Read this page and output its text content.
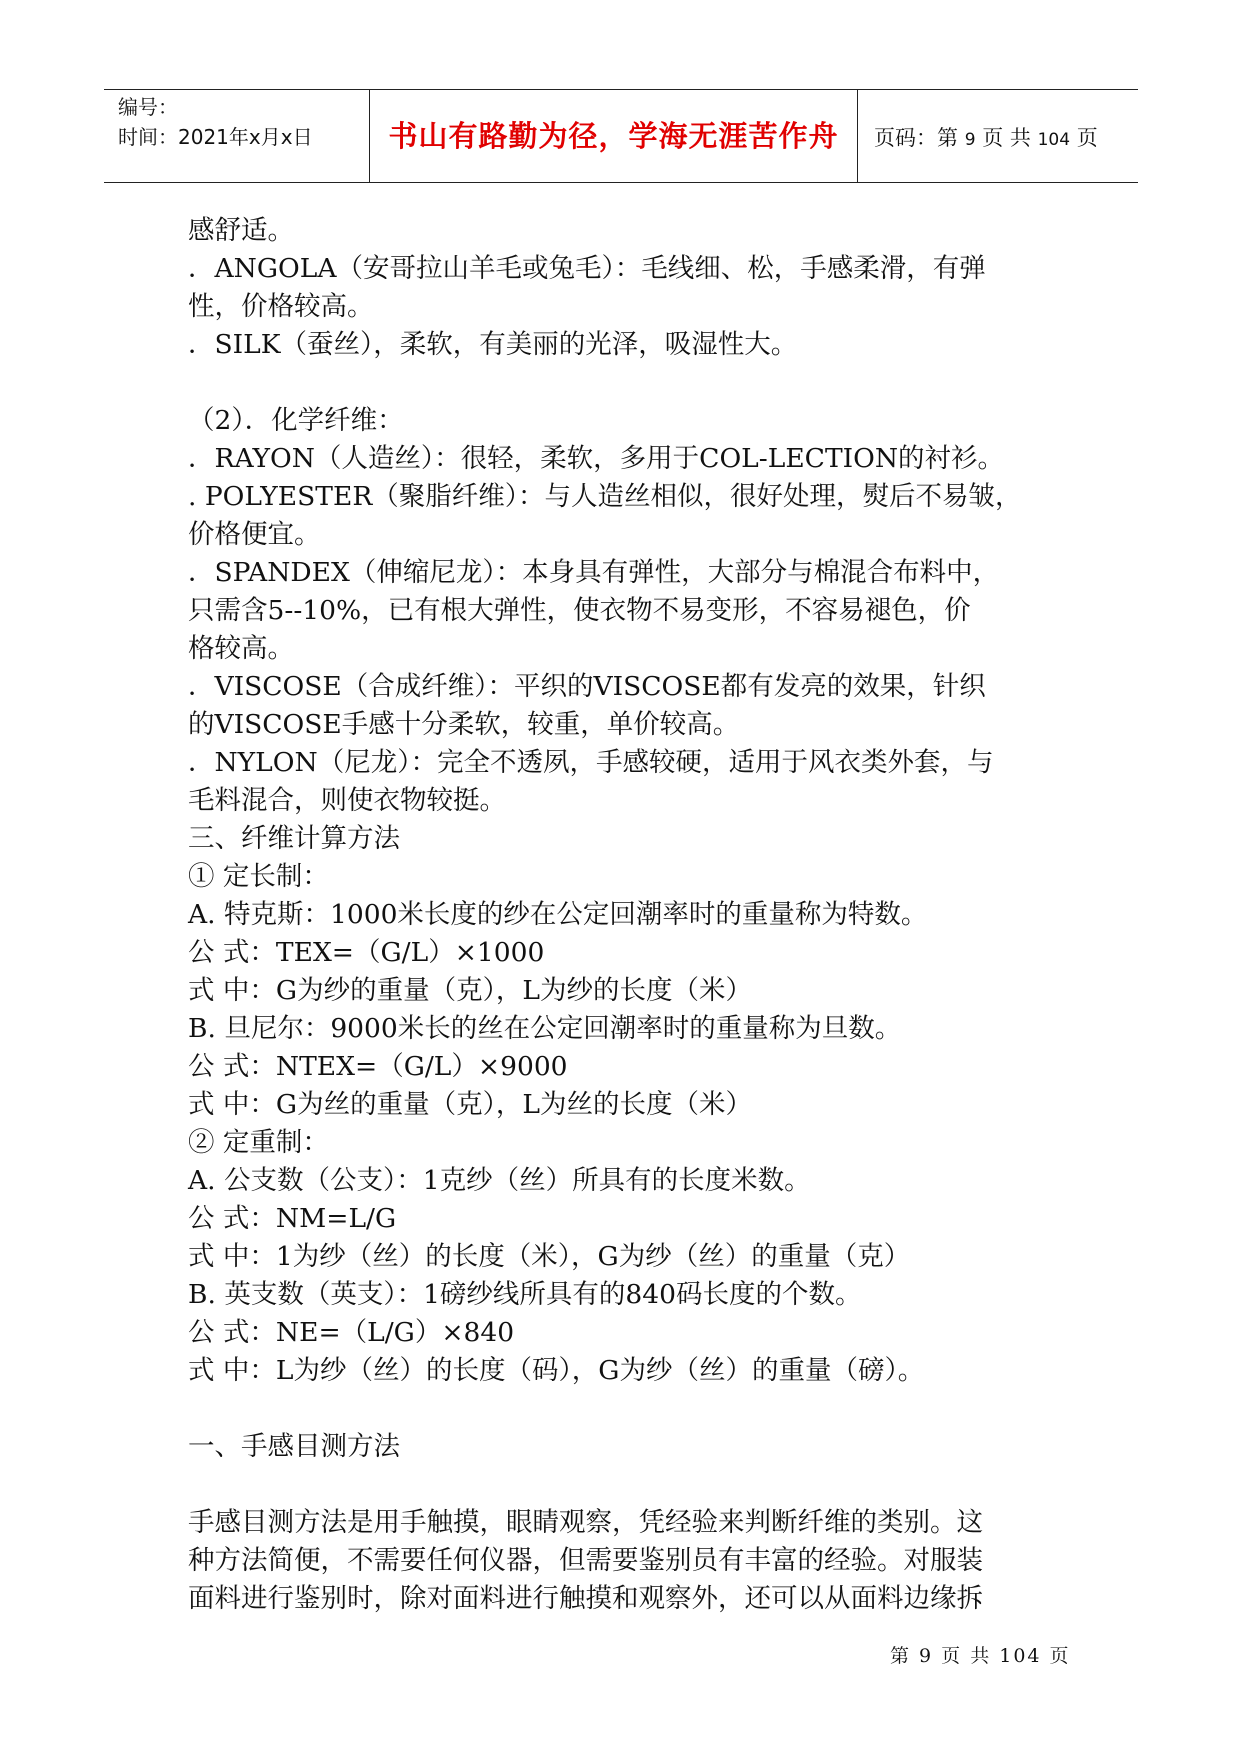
编号：
时间：2021年x月x日	书山有路勤为径，学海无涯苦作舟	页码：第 9 页 共 104 页

感舒适。

．ANGOLA（安哥拉山羊毛或兔毛）：毛线细、松，手感柔滑，有弹

性，价格较高。

．SILK（蚕丝），柔软，有美丽的光泽，吸湿性大。

（2）．化学纤维：

．RAYON（人造丝）：很轻，柔软，多用于COL-LECTION的衬衫。

. POLYESTER（聚脂纤维）：与人造丝相似，很好处理，熨后不易皱，

价格便宜。

．SPANDEX（伸缩尼龙）：本身具有弹性，大部分与棉混合布料中，

只需含5--10%，已有根大弹性，使衣物不易变形，不容易褪色，价

格较高。

．VISCOSE（合成纤维）：平织的VISCOSE都有发亮的效果，针织

的VISCOSE手感十分柔软，较重，单价较高。

．NYLON（尼龙）：完全不透夙，手感较硬，适用于风衣类外套，与

毛料混合，则使衣物较挺。

三、纤维计算方法

① 定长制：

A. 特克斯：1000米长度的纱在公定回潮率时的重量称为特数。

公 式：TEX=（G/L）×1000

式 中：G为纱的重量（克），L为纱的长度（米）

B. 旦尼尔：9000米长的丝在公定回潮率时的重量称为旦数。

公 式：NTEX=（G/L）×9000

式 中：G为丝的重量（克），L为丝的长度（米）

② 定重制：

A. 公支数（公支）：1克纱（丝）所具有的长度米数。

公 式：NM=L/G

式 中：1为纱（丝）的长度（米），G为纱（丝）的重量（克）

B. 英支数（英支）：1磅纱线所具有的840码长度的个数。

公 式：NE=（L/G）×840

式 中：L为纱（丝）的长度（码），G为纱（丝）的重量（磅）。

一、手感目测方法

手感目测方法是用手触摸，眼睛观察，凭经验来判断纤维的类别。这

种方法简便，不需要任何仪器，但需要鉴别员有丰富的经验。对服装

面料进行鉴别时，除对面料进行触摸和观察外，还可以从面料边缘拆

第 9 页 共 104 页
